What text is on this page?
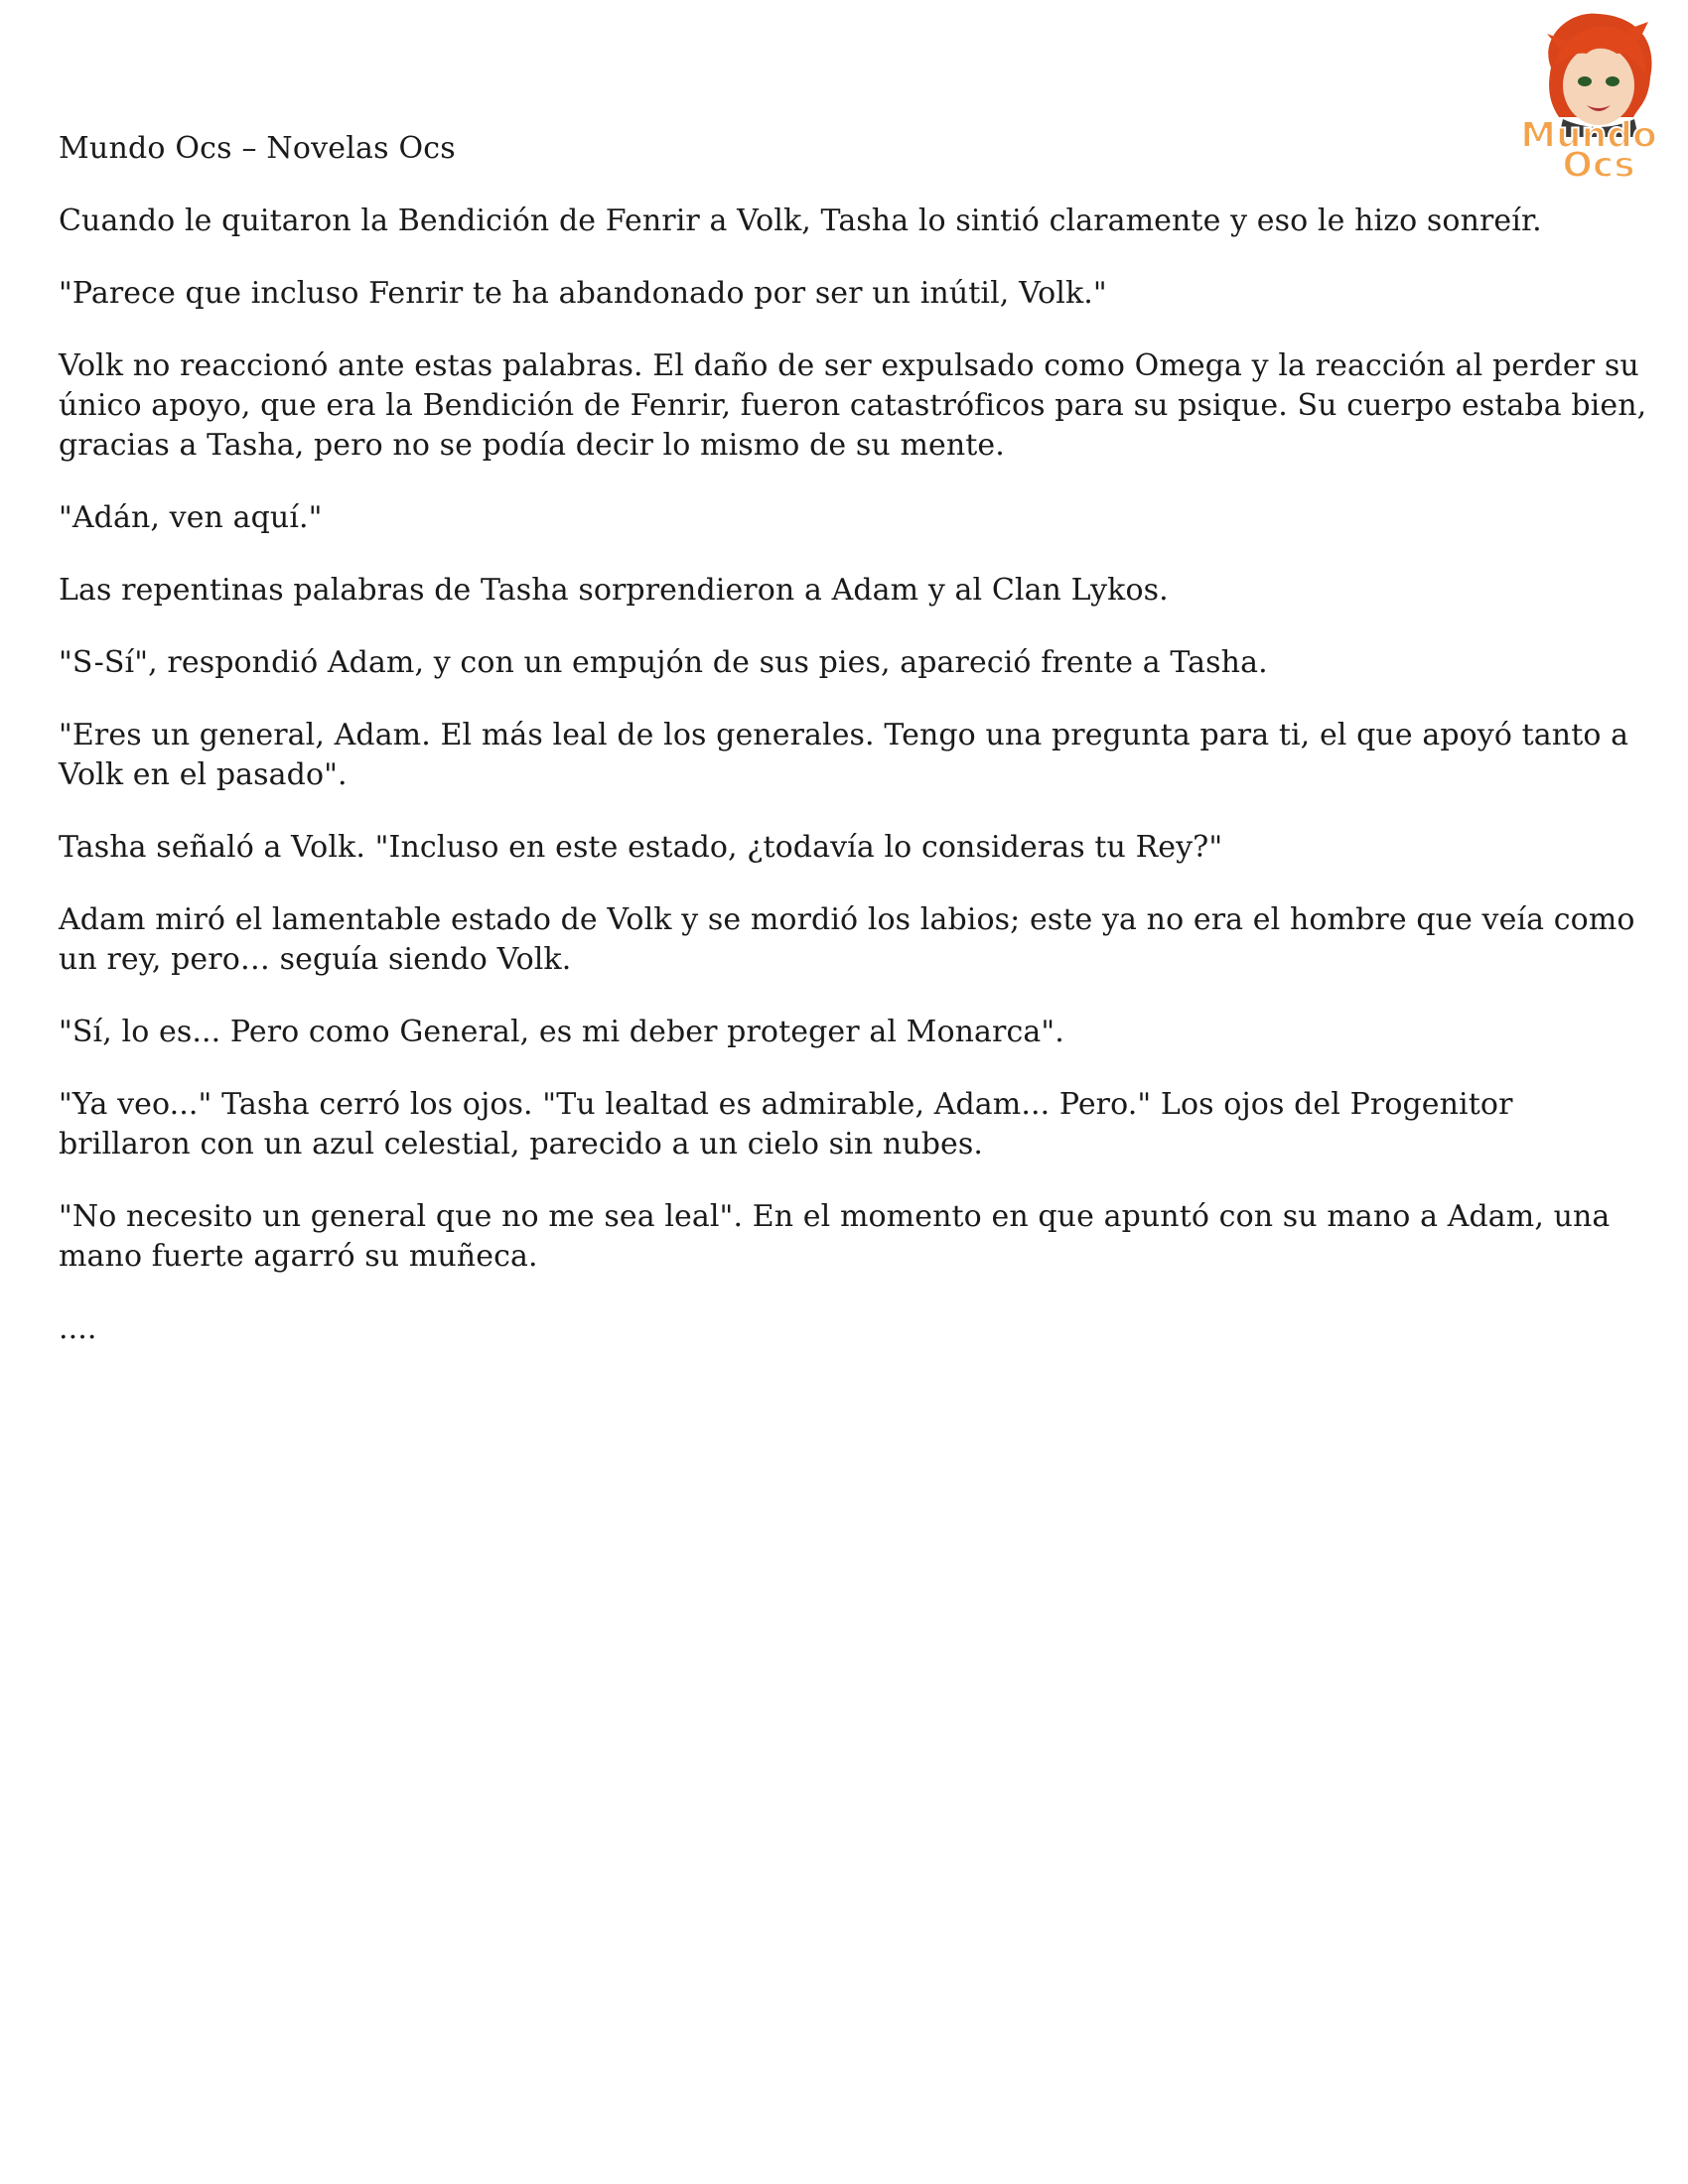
Mundo
Ocs

Mundo Ocs – Novelas Ocs

Cuando le quitaron la Bendición de Fenrir a Volk, Tasha lo sintió claramente y eso le hizo sonreír.

"Parece que incluso Fenrir te ha abandonado por ser un inútil, Volk."

Volk no reaccionó ante estas palabras. El daño de ser expulsado como Omega y la reacción al perder su único apoyo, que era la Bendición de Fenrir, fueron catastróficos para su psique. Su cuerpo estaba bien, gracias a Tasha, pero no se podía decir lo mismo de su mente.

"Adán, ven aquí."

Las repentinas palabras de Tasha sorprendieron a Adam y al Clan Lykos.

"S-Sí", respondió Adam, y con un empujón de sus pies, apareció frente a Tasha.

"Eres un general, Adam. El más leal de los generales. Tengo una pregunta para ti, el que apoyó tanto a Volk en el pasado".

Tasha señaló a Volk. "Incluso en este estado, ¿todavía lo consideras tu Rey?"

Adam miró el lamentable estado de Volk y se mordió los labios; este ya no era el hombre que veía como un rey, pero… seguía siendo Volk.

"Sí, lo es... Pero como General, es mi deber proteger al Monarca".

"Ya veo..." Tasha cerró los ojos. "Tu lealtad es admirable, Adam... Pero." Los ojos del Progenitor brillaron con un azul celestial, parecido a un cielo sin nubes.

"No necesito un general que no me sea leal". En el momento en que apuntó con su mano a Adam, una mano fuerte agarró su muñeca.

....
